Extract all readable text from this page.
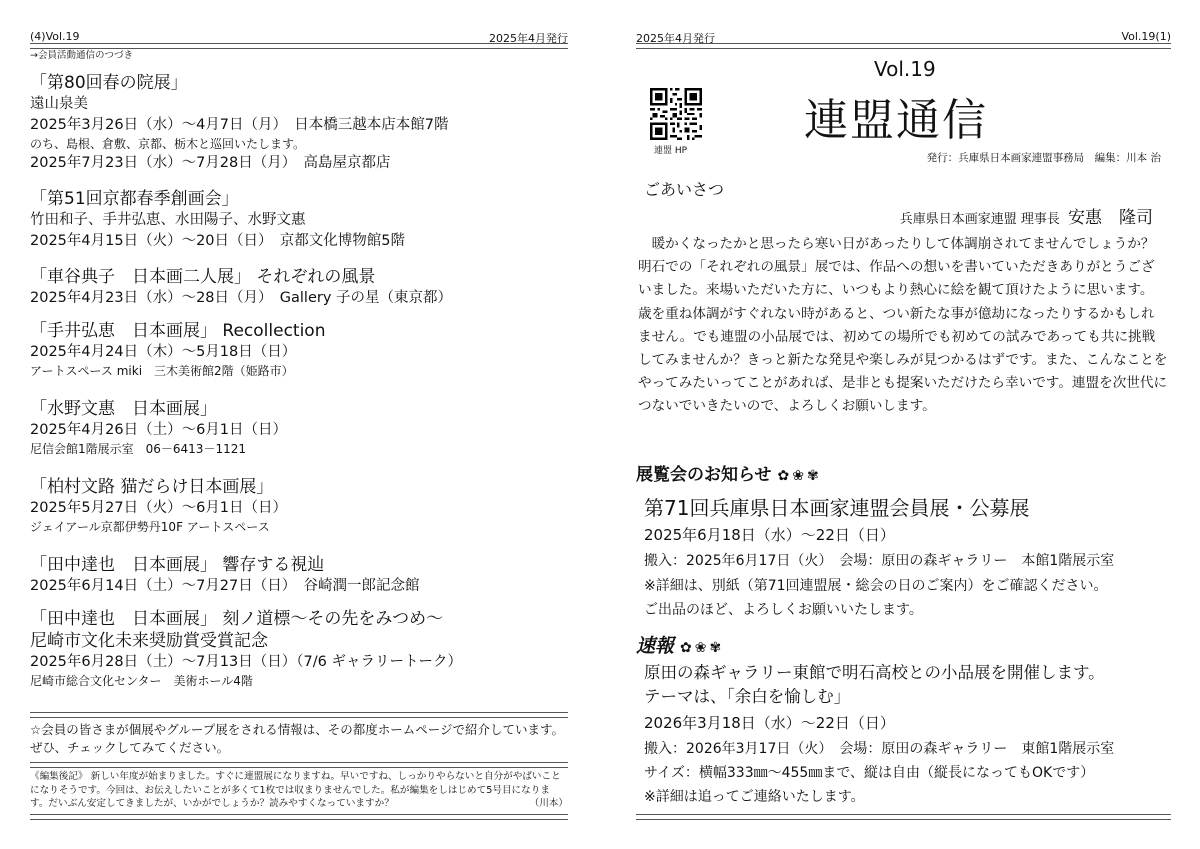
(4)Vol.19	2025年4月発行
→会員活動通信のつづき
「第80回春の院展」
遠山泉美
2025年3月26日（水）～4月7日（月）　日本橋三越本店本館7階
のち、島根、倉敷、京都、栃木と巡回いたします。
2025年7月23日（水）～7月28日（月）　高島屋京都店
「第51回京都春季創画会」
竹田和子、手井弘恵、水田陽子、水野文惠
2025年4月15日（火）～20日（日）　京都文化博物館5階
「車谷典子　日本画二人展」 それぞれの風景
2025年4月23日（水）～28日（月）　Gallery 子の星（東京都）
「手井弘恵　日本画展」 Recollection
2025年4月24日（木）～5月18日（日）
アートスペース miki　三木美術館2階（姫路市）
「水野文惠　日本画展」
2025年4月26日（土）～6月1日（日）
尼信会館1階展示室　06－6413－1121
「柏村文路 猫だらけ日本画展」
2025年5月27日（火）～6月1日（日）
ジェイアール京都伊勢丹10F アートスペース
「田中達也　日本画展」 響存する視辿
2025年6月14日（土）～7月27日（日）　谷崎潤一郎記念館
「田中達也　日本画展」 刻ノ道標～その先をみつめ～
尼崎市文化未来奨励賞受賞記念
2025年6月28日（土）～7月13日（日）（7/6 ギャラリートーク）
尼崎市総合文化センター　美術ホール4階
☆会員の皆さまが個展やグループ展をされる情報は、その都度ホームページで紹介しています。ぜひ、チェックしてみてください。
《編集後記》 新しい年度が始まりました。すぐに連盟展になりますね。早いですね、しっかりやらないと自分がやばいことになりそうです。今回は、お伝えしたいことが多くて1枚では収まりませんでした。私が編集をしはじめて5号目になります。だいぶん安定してきましたが、いかがでしょうか？読みやすくなっていますか？	（川本）
2025年4月発行	Vol.19(1)
連盟 HP
Vol.19
連盟通信
発行：兵庫県日本画家連盟事務局　編集：川本 治
ごあいさつ
兵庫県日本画家連盟 理事長 安惠　隆司

暖かくなったかと思ったら寒い日があったりして体調崩されてませんでしょうか？明石での「それぞれの風景」展では、作品への想いを書いていただきありがとうございました。来場いただいた方に、いつもより熱心に絵を観て頂けたように思います。

歳を重ね体調がすぐれない時があると、つい新たな事が億劫になったりするかもしれません。でも連盟の小品展では、初めての場所でも初めての試みであっても共に挑戦してみませんか？きっと新たな発見や楽しみが見つかるはずです。また、こんなことをやってみたいってことがあれば、是非とも提案いただけたら幸いです。連盟を次世代につないでいきたいので、よろしくお願いします。

展覧会のお知らせ ✿❀✾
第71回兵庫県日本画家連盟会員展・公募展
2025年6月18日（水）～22日（日）
搬入：2025年6月17日（火）　会場：原田の森ギャラリー　本館1階展示室
※詳細は、別紙（第71回連盟展・総会の日のご案内）をご確認ください。
ご出品のほど、よろしくお願いいたします。
速報 ✿❀✾
原田の森ギャラリー東館で明石高校との小品展を開催します。
テーマは、「余白を愉しむ」
2026年3月18日（水）～22日（日）
搬入：2026年3月17日（火）　会場：原田の森ギャラリー　東館1階展示室
サイズ：横幅333㎜～455㎜まで、縦は自由（縦長になってもOKです）
※詳細は追ってご連絡いたします。
